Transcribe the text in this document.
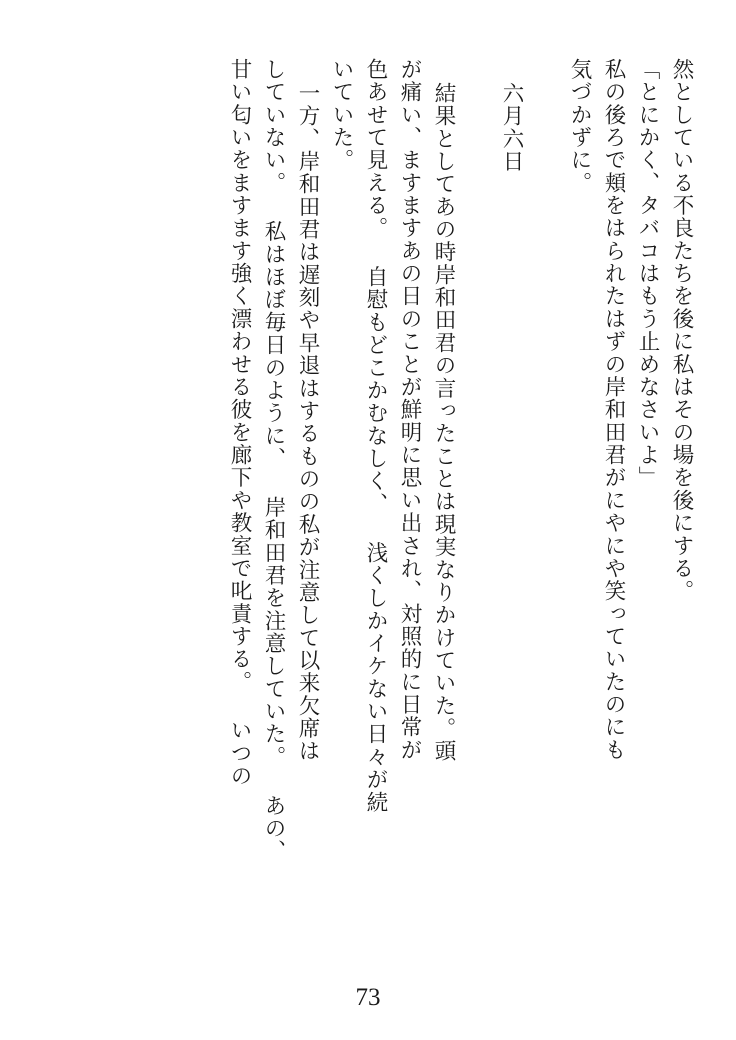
然としている不良たちを後に私はその場を後にする。
「とにかく、タバコはもう止めなさいよ」
私の後ろで頬をはられたはずの岸和田君がにやにや笑っていたのにも
気づかずに。
六月六日
結果としてあの時岸和田君の言ったことは現実なりかけていた。頭
が痛い、ますますあの日のことが鮮明に思い出され、対照的に日常が
色あせて見える。 自慰もどこかむなしく、 浅くしかイケない日々が続
いていた。
一方、岸和田君は遅刻や早退はするものの私が注意して以来欠席は
していない。 私はほぼ毎日のように、 岸和田君を注意していた。 あの、
甘い匂いをますます強く漂わせる彼を廊下や教室で叱責する。 いつの
73
